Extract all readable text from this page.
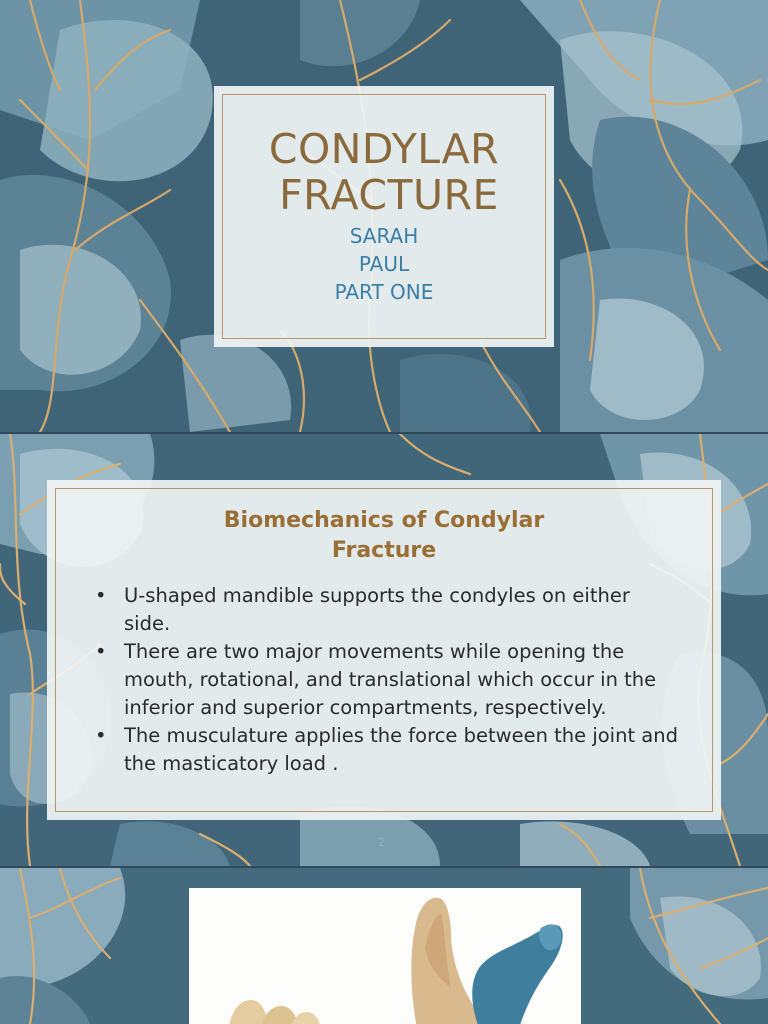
CONDYLAR
FRACTURE
SARAH
PAUL
PART ONE
Biomechanics of Condylar
Fracture
• U-shaped mandible supports the condyles on either side.
• There are two major movements while opening the mouth, rotational, and translational which occur in the inferior and superior compartments, respectively.
• The musculature applies the force between the joint and the masticatory load .
2
